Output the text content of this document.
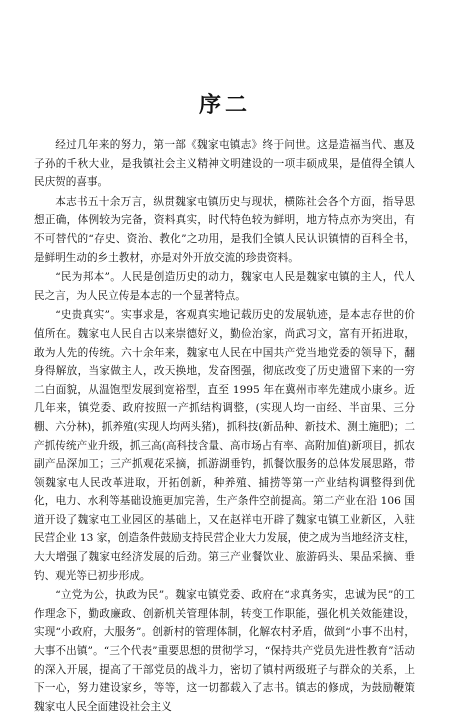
序二

经过几年来的努力，第一部《魏家屯镇志》终于问世。这是造福当代、惠及子孙的千秋大业，是我镇社会主义精神文明建设的一项丰硕成果，是值得全镇人民庆贺的喜事。

本志书五十余万言，纵贯魏家屯镇历史与现状，横陈社会各个方面，指导思想正确，体例较为完备，资料真实，时代特色较为鲜明，地方特点亦为突出，有不可替代的“存史、资治、教化”之功用，是我们全镇人民认识镇情的百科全书，是鲜明生动的乡土教材，亦是对外开放交流的珍贵资料。

“民为邦本”。人民是创造历史的动力，魏家屯人民是魏家屯镇的主人，代人民之言，为人民立传是本志的一个显著特点。

“史贵真实”。实事求是，客观真实地记载历史的发展轨迹，是本志存世的价值所在。魏家屯人民自古以来崇德好义，勤俭治家，尚武习文，富有开拓进取，敢为人先的传统。六十余年来，魏家屯人民在中国共产党当地党委的领导下，翻身得解放，当家做主人，改天换地，发奋图强，彻底改变了历史遗留下来的一穷二白面貌，从温饱型发展到宽裕型，直至 1995 年在冀州市率先建成小康乡。近几年来，镇党委、政府按照一产抓结构调整，(实现人均一亩经、半亩果、三分棚、六分林)，抓养殖(实现人均两头猪)，抓科技(新品种、新技术、测土施肥)；二产抓传统产业升级，抓三高(高科技含量、高市场占有率、高附加值)新项目，抓农副产品深加工；三产抓观花采摘，抓游湖垂钓，抓餐饮服务的总体发展思路，带领魏家屯人民改革进取，开拓创新，种养殖、捕捞等第一产业结构调整得到优化，电力、水利等基础设施更加完善，生产条件空前提高。第二产业在沿 106 国道开设了魏家屯工业园区的基础上，又在赵祥屯开辟了魏家屯镇工业新区，入驻民营企业 13 家，创造条件鼓励支持民营企业大力发展，使之成为当地经济支柱，大大增强了魏家屯经济发展的后劲。第三产业餐饮业、旅游码头、果品采摘、垂钓、观光等已初步形成。

“立党为公，执政为民”。魏家屯镇党委、政府在“求真务实，忠诚为民”的工作理念下，勤政廉政、创新机关管理体制，转变工作职能，强化机关效能建设，实现“小政府，大服务”。创新村的管理体制，化解农村矛盾，做到“小事不出村，大事不出镇”。“三个代表”重要思想的贯彻学习，“保持共产党员先进性教育”活动的深入开展，提高了干部党员的战斗力，密切了镇村两级班子与群众的关系，上下一心，努力建设家乡，等等，这一切都载入了志书。镇志的修成，为鼓励鞭策魏家屯人民全面建设社会主义
